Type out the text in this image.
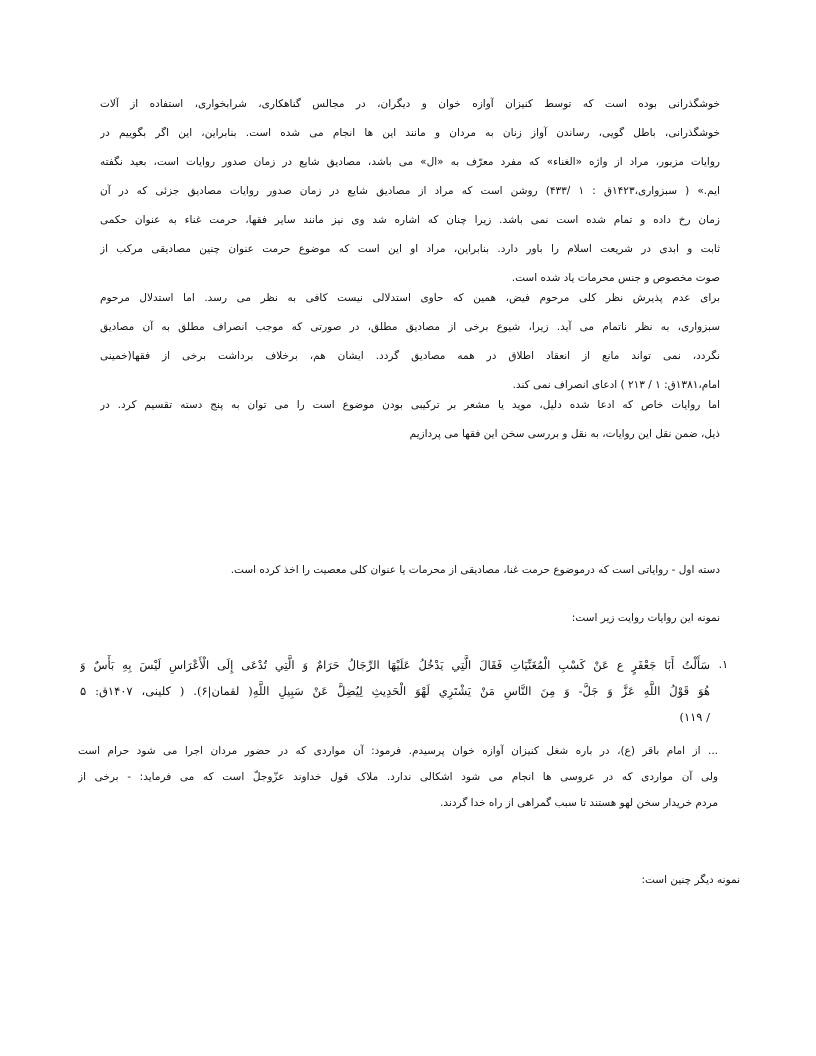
خوشگذرانی بوده است که توسط کنیزان آوازه خوان و دیگران، در مجالس گناهکاری، شرابخواری، استفاده از آلات
خوشگذرانی، باطل گویی، رساندن آواز زنان به مردان و مانند این ها انجام می شده است. بنابراین، این اگر بگوییم در
روایات مزبور، مراد از واژه «الغناء» که مفرد معرّف به «ال» می باشد، مصادیق شایع در زمان صدور روایات است، بعید نگفته
ایم.» ( سبزواری،۱۴۲۳ق : ۱ /۴۳۳) روشن است که مراد از مصادیق شایع در زمان صدور روایات مصادیق جزئی که در آن
زمان رخ داده و تمام شده است نمی باشد. زیرا چنان که اشاره شد وی نیز مانند سایر فقها، حرمت غناء به عنوان حکمی
ثابت و ابدی در شریعت اسلام را باور دارد. بنابراین، مراد او این است که موضوع حرمت عنوان چنین مصادیقی مرکب از
صوت مخصوص و جنس محرمات یاد شده است.
برای عدم پذیرش نظر کلی مرحوم فیض، همین که حاوی استدلالی نیست کافی به نظر می رسد. اما استدلال مرحوم
سبزواری، به نظر ناتمام می آید. زیرا، شیوع برخی از مصادیق مطلق، در صورتی که موجب انصراف مطلق به آن مصادیق
نگردد، نمی تواند مانع از انعقاد اطلاق در همه مصادیق گردد. ایشان هم، برخلاف برداشت برخی از فقها(خمینی
امام،۱۳۸۱ق: ۱ / ۲۱۳ ) ادعای انصراف نمی کند.
اما روایات خاص که ادعا شده دلیل، موید یا مشعر بر ترکیبی بودن موضوع است را می توان به پنج دسته تقسیم کرد. در
ذیل، ضمن نقل این روایات، به نقل و بررسی سخن این فقها می پردازیم
دسته اول - روایاتی است که درموضوع حرمت غنا، مصادیقی از محرمات یا عنوان کلی معصیت را اخذ کرده است.
نمونه این روایات روایت زیر است:
۱.
سَأَلْتُ أَبَا جَعْفَرٍ ع عَنْ كَسْبِ الْمُغَنِّيَاتِ فَقَالَ الَّتِي يَدْخُلُ عَلَيْهَا الرِّجَالُ حَرَامٌ وَ الَّتِي تُدْعَى إِلَى الْأَعْرَاسِ لَيْسَ بِهِ بَأْسٌ وَ
هُوَ قَوْلُ اللَّهِ عَزَّ وَ جَلَّ- وَ مِنَ النَّاسِ مَنْ يَشْتَرِي لَهْوَ الْحَدِيثِ لِيُضِلَّ عَنْ سَبِيلِ اللَّهِ( لقمان|۶). ( کلینی، ۱۴۰۷ق: ۵
/ ۱۱۹)
... از امام باقر (ع)، در باره شغل کنیزان آوازه خوان پرسیدم. فرمود: آن مواردی که در حضور مردان اجرا می شود حرام است
ولی آن مواردی که در عروسی ها انجام می شود اشکالی ندارد. ملاک قول خداوند عزّوجلّ است که می فرماید: - برخی از
مردم خریدار سخن لهو هستند تا سبب گمراهی از راه خدا گردند.
نمونه دیگر چنین است:
